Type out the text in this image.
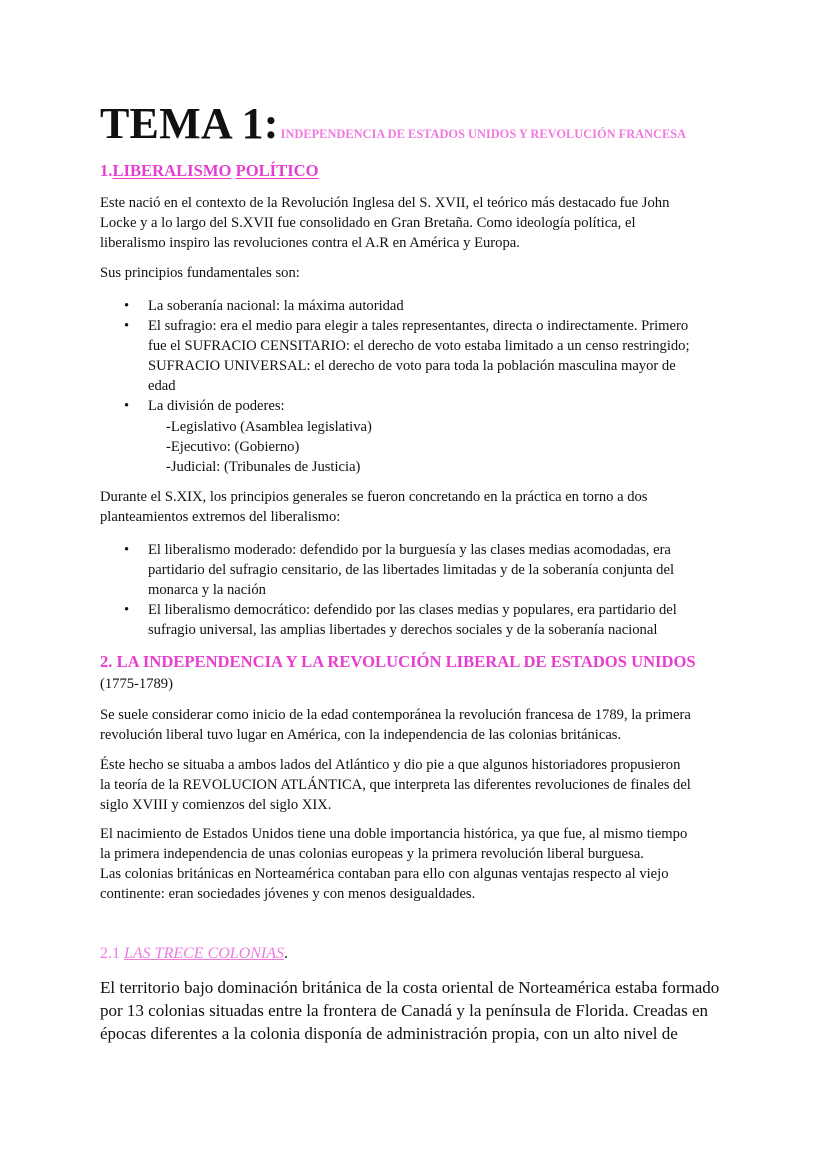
TEMA 1: INDEPENDENCIA DE ESTADOS UNIDOS Y REVOLUCIÓN FRANCESA
1.LIBERALISMO POLÍTICO

Este nació en el contexto de la Revolución Inglesa del S. XVII, el teórico más destacado fue John

Locke y a lo largo del S.XVII fue consolidado en Gran Bretaña. Como ideología política, el

liberalismo inspiro las revoluciones contra el A.R en América y Europa.

Sus principios fundamentales son:

• La soberanía nacional: la máxima autoridad
• El sufragio: era el medio para elegir a tales representantes, directa o indirectamente. Primero
fue el SUFRACIO CENSITARIO: el derecho de voto estaba limitado a un censo restringido;
SUFRACIO UNIVERSAL: el derecho de voto para toda la población masculina mayor de
edad
• La división de poderes:

-Legislativo (Asamblea legislativa)

-Ejecutivo: (Gobierno)

-Judicial: (Tribunales de Justicia)

Durante el S.XIX, los principios generales se fueron concretando en la práctica en torno a dos

planteamientos extremos del liberalismo:

• El liberalismo moderado: defendido por la burguesía y las clases medias acomodadas, era
partidario del sufragio censitario, de las libertades limitadas y de la soberanía conjunta del
monarca y la nación
• El liberalismo democrático: defendido por las clases medias y populares, era partidario del
sufragio universal, las amplias libertades y derechos sociales y de la soberanía nacional
2. LA INDEPENDENCIA Y LA REVOLUCIÓN LIBERAL DE ESTADOS UNIDOS

(1775-1789)

Se suele considerar como inicio de la edad contemporánea la revolución francesa de 1789, la primera

revolución liberal tuvo lugar en América, con la independencia de las colonias británicas.

Éste hecho se situaba a ambos lados del Atlántico y dio pie a que algunos historiadores propusieron

la teoría de la REVOLUCION ATLÁNTICA, que interpreta las diferentes revoluciones de finales del

siglo XVIII y comienzos del siglo XIX.

El nacimiento de Estados Unidos tiene una doble importancia histórica, ya que fue, al mismo tiempo

la primera independencia de unas colonias europeas y la primera revolución liberal burguesa.

Las colonias británicas en Norteamérica contaban para ello con algunas ventajas respecto al viejo

continente: eran sociedades jóvenes y con menos desigualdades.

2.1 LAS TRECE COLONIAS.

El territorio bajo dominación británica de la costa oriental de Norteamérica estaba formado

por 13 colonias situadas entre la frontera de Canadá y la península de Florida. Creadas en

épocas diferentes a la colonia disponía de administración propia, con un alto nivel de
